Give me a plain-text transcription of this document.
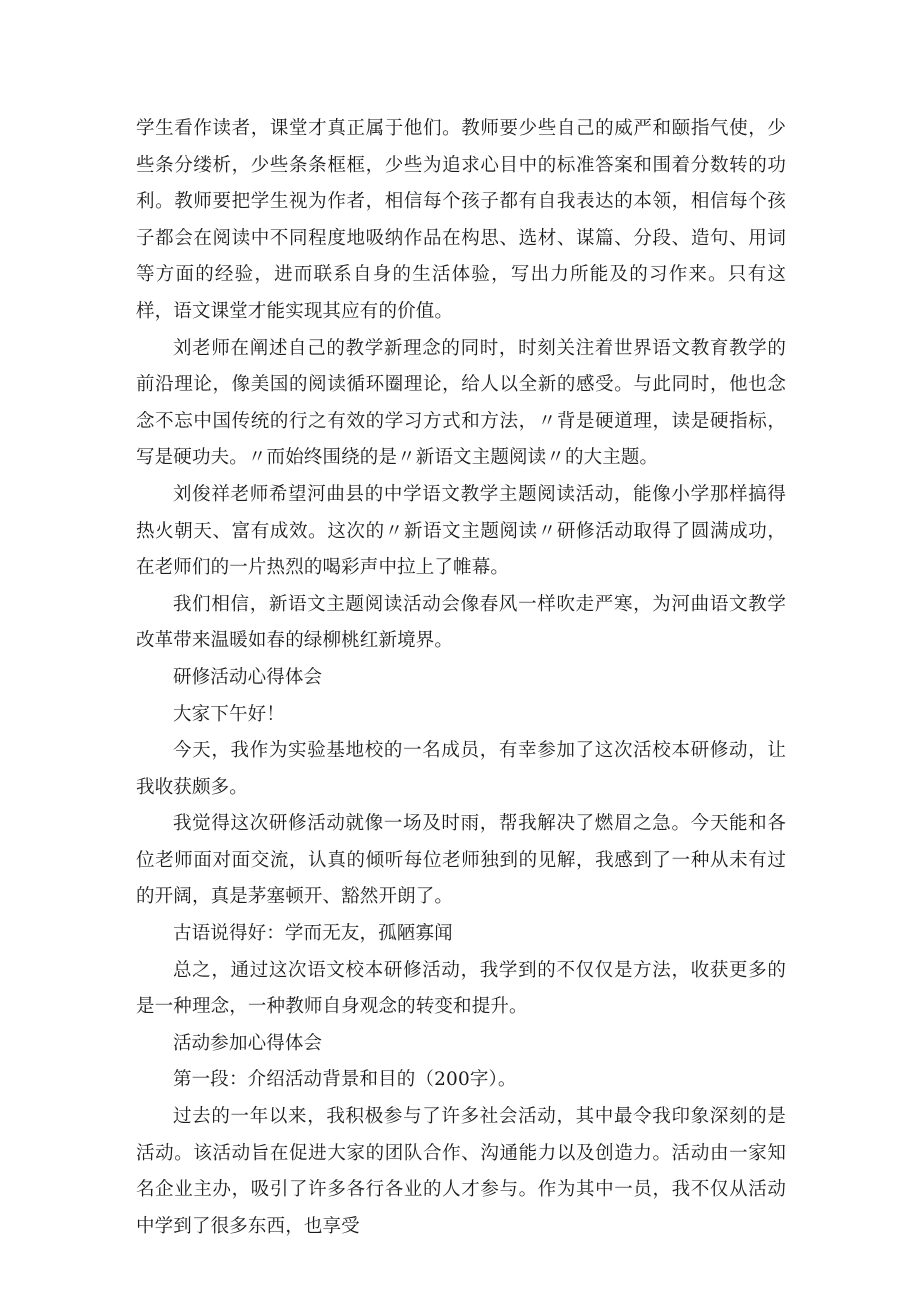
学生看作读者，课堂才真正属于他们。教师要少些自己的威严和颐指气使，少些条分缕析，少些条条框框，少些为追求心目中的标准答案和围着分数转的功利。教师要把学生视为作者，相信每个孩子都有自我表达的本领，相信每个孩子都会在阅读中不同程度地吸纳作品在构思、选材、谋篇、分段、造句、用词等方面的经验，进而联系自身的生活体验，写出力所能及的习作来。只有这样，语文课堂才能实现其应有的价值。

刘老师在阐述自己的教学新理念的同时，时刻关注着世界语文教育教学的前沿理论，像美国的阅读循环圈理论，给人以全新的感受。与此同时，他也念念不忘中国传统的行之有效的学习方式和方法，〃背是硬道理，读是硬指标，写是硬功夫。〃而始终围绕的是〃新语文主题阅读〃的大主题。

刘俊祥老师希望河曲县的中学语文教学主题阅读活动，能像小学那样搞得热火朝天、富有成效。这次的〃新语文主题阅读〃研修活动取得了圆满成功，在老师们的一片热烈的喝彩声中拉上了帷幕。

我们相信，新语文主题阅读活动会像春风一样吹走严寒，为河曲语文教学改革带来温暖如春的绿柳桃红新境界。

研修活动心得体会

大家下午好！

今天，我作为实验基地校的一名成员，有幸参加了这次活校本研修动，让我收获颇多。

我觉得这次研修活动就像一场及时雨，帮我解决了燃眉之急。今天能和各位老师面对面交流，认真的倾听每位老师独到的见解，我感到了一种从未有过的开阔，真是茅塞顿开、豁然开朗了。

古语说得好：学而无友，孤陋寡闻

总之，通过这次语文校本研修活动，我学到的不仅仅是方法，收获更多的是一种理念，一种教师自身观念的转变和提升。

活动参加心得体会

第一段：介绍活动背景和目的（200字）。

过去的一年以来，我积极参与了许多社会活动，其中最令我印象深刻的是活动。该活动旨在促进大家的团队合作、沟通能力以及创造力。活动由一家知名企业主办，吸引了许多各行各业的人才参与。作为其中一员，我不仅从活动中学到了很多东西，也享受
